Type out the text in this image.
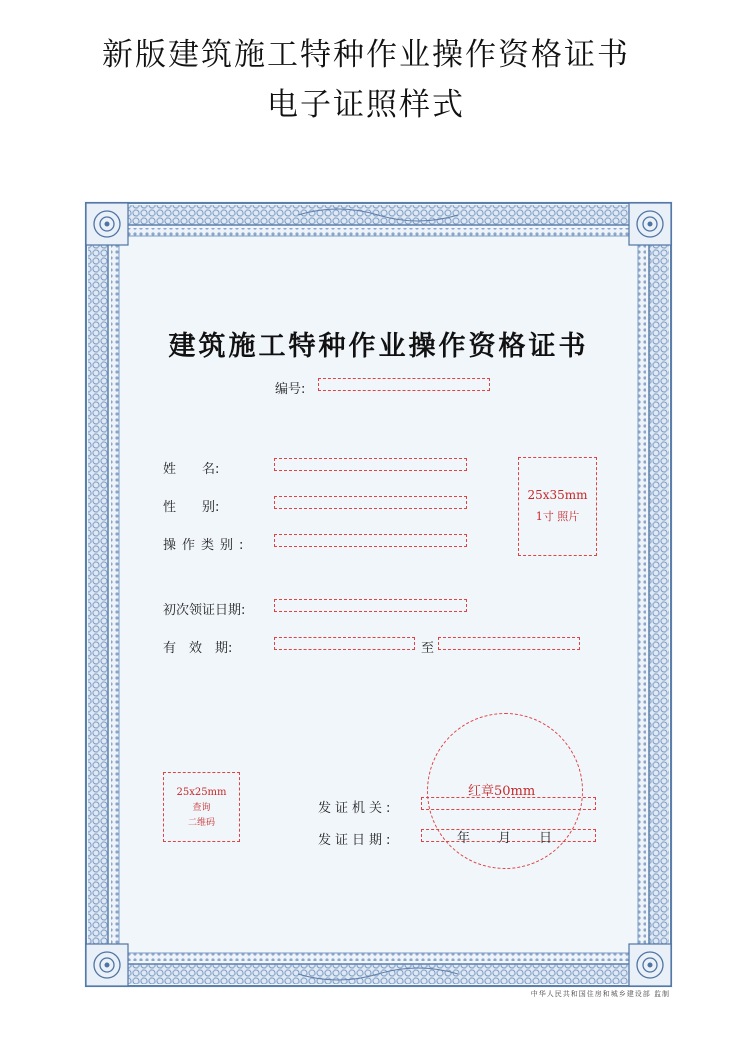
新版建筑施工特种作业操作资格证书
电子证照样式
建筑施工特种作业操作资格证书
编号:
姓　　名:
性　　别:
操作类别:
25x35mm
1寸 照片
初次领证日期:
有　效　期:	至
25x25mm
查询
二维码
红章50mm
发证机关:
发证日期:	年 月 日
中华人民共和国住房和城乡建设部 监制
